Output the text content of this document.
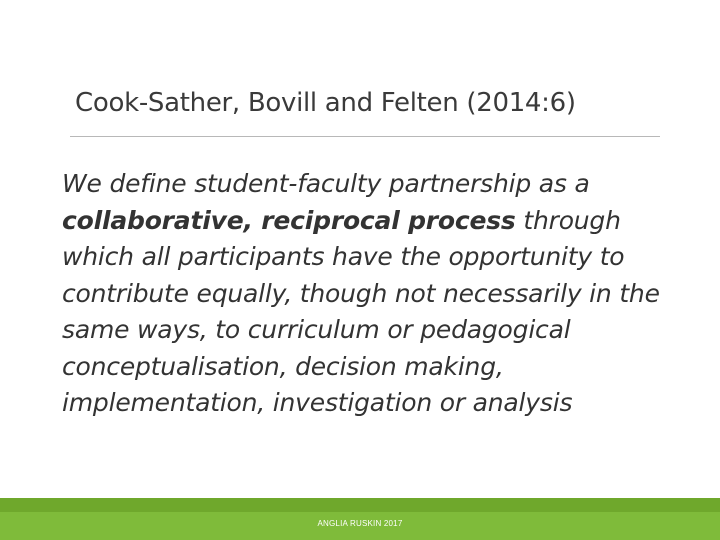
Cook-Sather, Bovill and Felten (2014:6)

We define student-faculty partnership as a collaborative, reciprocal process through which all participants have the opportunity to contribute equally, though not necessarily in the same ways, to curriculum or pedagogical conceptualisation, decision making, implementation, investigation or analysis

ANGLIA RUSKIN 2017
